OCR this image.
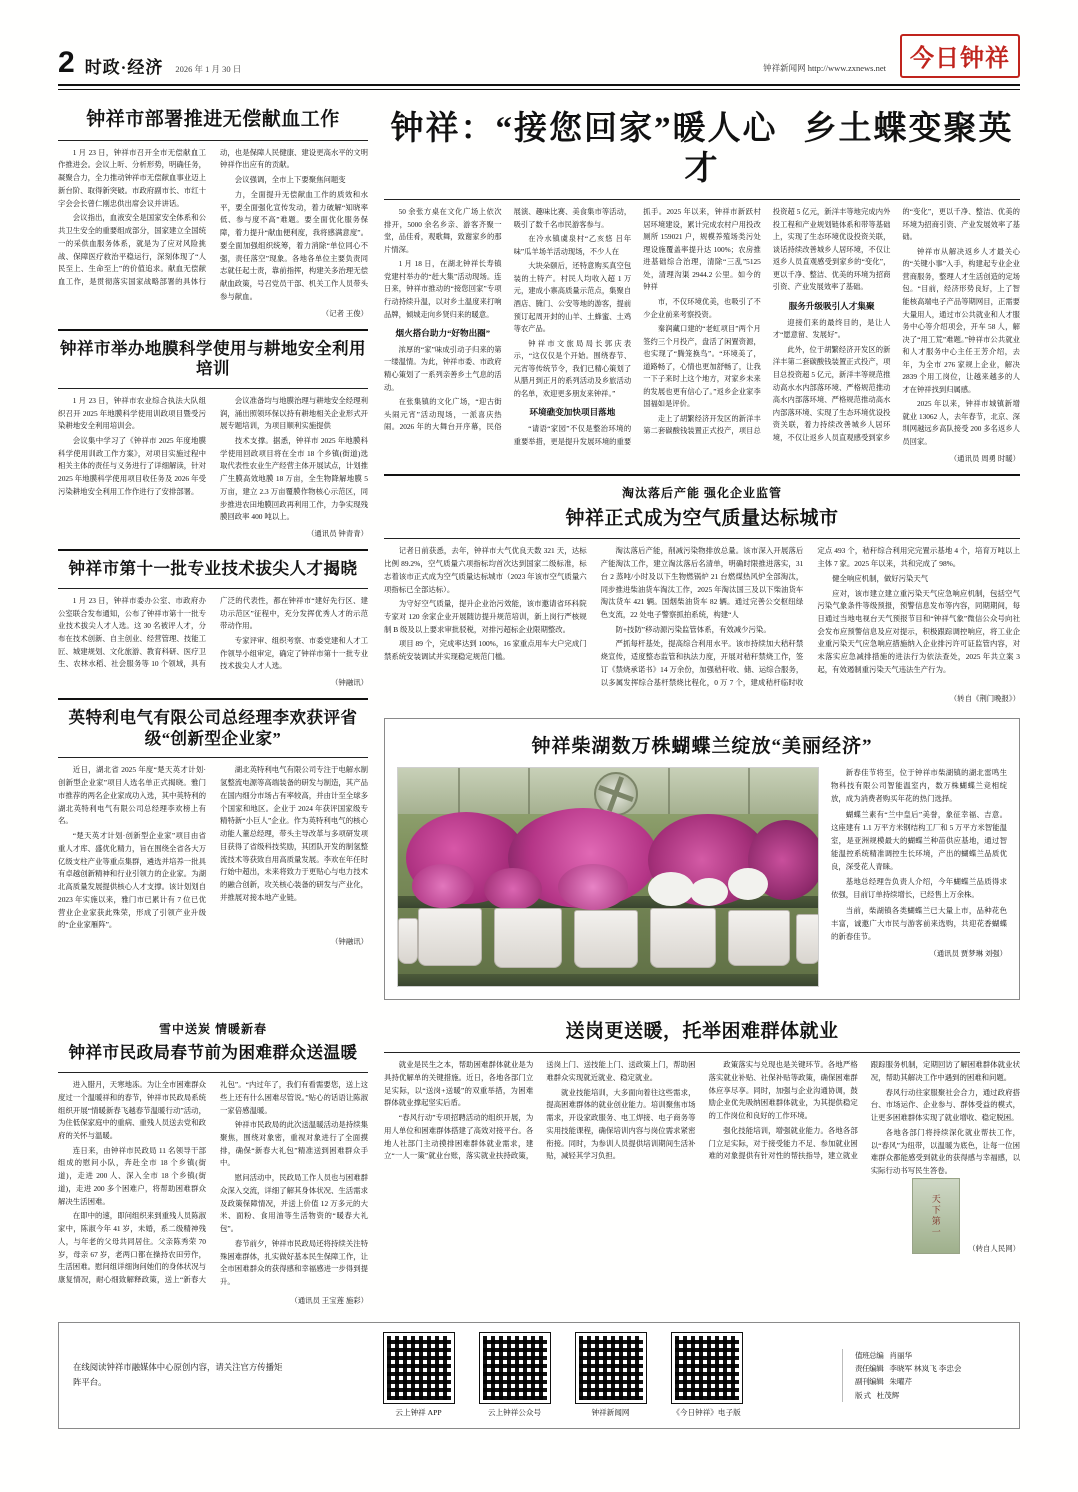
2 时政·经济 2026 年 1 月 30 日	钟祥新闻网 http://www.zxnews.net 今日钟祥
钟祥市部署推进无偿献血工作

1 月 23 日，钟祥市召开全市无偿献血工作推进会。会议上听、分析形势，明确任务，凝聚合力，全力推动钟祥市无偿献血事业迈上新台阶、取得新突破。市政府副市长、市红十字会会长曾仁刚忠供出席会议并讲话。

会议指出，血液安全是国家安全体系和公共卫生安全的重要组成部分，国家建立全国统一的采供血服务体系，就是为了应对风险挑战、保障医疗救治平稳运行，深刻体现了“人民至上、生命至上”的价值追求。献血无偿献血工作，是贯彻落实国家战略部署的具体行动，也是保障人民健康、建设更高水平的文明钟祥作出应有的贡献。

会议强调，全市上下要聚焦问题变

力，全面提升无偿献血工作的质效和水平，要全面强化宣传发动，着力破解“知晓率低、参与度不高”难题。要全面优化服务保障，着力提升“献血便利度，我将感满意度”。要全面加强组织统筹，着力消除“单位同心不强，责任落空”现象。各地各单位主要负责同志就任起士责，靠前指挥，构建关多治理无偿献血政策，号召党员干部、机关工作人员带头参与献血。

（记者 王俊）
钟祥市举办地膜科学使用与耕地安全利用培训

1 月 23 日，钟祥市农业综合执法大队组织召开 2025 年地膜科学使用训政项目暨受污染耕地安全利用培训会。

会议集中学习了《钟祥市 2025 年度地膜科学使用训政工作方案》，对项目实施过程中相关主体的责任与义务进行了详细解读，针对 2025 年地膜科学使用项目收任务及 2026 年受污染耕地安全利用工作作进行了安排部署。

会议准备均与地膜治理与耕地安全经理利润，涌出照领环保以持有耕地相关企业形式开展专题培训，为项目顺利实施提供

技术支撑。据悉，钟祥市 2025 年地膜科学使用回政项目将在全市 18 个乡镇(街道)选取代表性农业生产经营主体开展试点，计划推广生膜高效地膜 18 万亩，全生物降解地膜 5 万亩，建立 2.3 万亩覆膜作物核心示范区，同步推进农田地膜回政再利用工作，力争实现残膜回政率 400 吨以上。

（通讯员 钟青青）
钟祥市第十一批专业技术拔尖人才揭晓

1 月 23 日，钟祥市委办公室、市政府办公室联合发布通知，公布了钟祥市第十一批专业技术拔尖人才人选。这 30 名被评人才，分布在技术创新、自主创业、经营管理、技能工匠、城建规划、文化旅游、教育科研、医疗卫生、农林水稻、社会服务等 10 个领域，具有广泛的代表性，都在钟祥市“建好先行区、建功示范区”征程中，充分发挥优秀人才的示范带动作用。

专家评审、组织考察、市委党建和人才工作领导小组审定，确定了钟祥市第十一批专业技术拔尖人才人选。

（钟融讯）
英特利电气有限公司总经理李欢获评省级“创新型企业家”

近日，湖北省 2025 年度“楚天英才计划·创新型企业家”项目人选名单正式揭晓。雅门市推荐的两名企业家成功入选，其中英特利的湖北英特利电气有限公司总经理李欢榜上有名。

“楚天英才计划·创新型企业家”项目由省重人才库、盛优化精力，旨在围绕全省各大万亿级支柱产业等重点集群，遴选并培养一批具有卓越创新精神和行业引领力的企业家。为湖北高质量发展提供核心人才支撑。该计划划自 2023 年实施以来，雅门市已累计有 7 位已优营业企业家获此殊荣，形成了引领产业升级的“企业家雁阵”。

湖北英特利电气有限公司专注于电解水制氢整流电源等高端装备的研发与制造，其产品在国内细分市场占有率较高，并由计至全球多个国家和地区。企业于 2024 年获评国家级专精特新“小巨人”企业。作为英特利电气的核心动能人董总经理，带头主导改革与多项研发项目获得了省级科技奖励，其团队开发的制氢整流技术等获致自用高质量发展。李欢在年任时行始中超出，未来将致力于更贴心与电力技术的融合创新，攻关核心装备的研发与产业化，并推展对接本地产业链。

（钟融讯）
钟祥：“接您回家”暖人心 乡土蝶变聚英才

50 余张方桌在文化广场上依次排开，5000 余名乡亲、游客齐聚一堂，品佳肴，观歌舞，致谢家乡的那片情深。

1 月 18 日，在湖北钟祥长寿镇党建村举办的“赶大集”活动现场。连日来，钟祥市推动的“接您回家”专项行动持续升温，以对乡土温度来打响品牌，倾城走向乡贤归来的暖意。

烟火搭台助力“好物出圈”

浓厚的“家”味成引动子归来的第一缕温情。为此，钟祥市委、市政府精心策划了一系列亲善乡土气息的活动。

在张集镇的文化广场，“迎古街头闹元宵”活动现场，一派喜庆热闹。2026 年的大舞台开序幕，民俗展演、趣味比赛、美食集市等活动，吸引了数千名市民游客参与。

在冷水镇虞泉村“乙亥悠 吕年味”瓜羊场羊活动现场，不少人在

大块朵颐后，还特意购买真空包装的土特产。村民人均收入超 1 万元，建成小寨高质量示范点，集聚自酒店、腌门、公安等地的游客，提前预订起周开封的山羊、土蜂蜜、土鸡等农产品。

钟祥市文旅局局长郭庆表示，“这仅仅是个开始。围绕春节、元宵等传统节令，我们已精心策划了从腊月到正月的系列活动及乡旅活动的名单，欢迎更多朋友来钟祥。”

环境礁变加快项目落地

“请语“家园”不仅是整治环境的重要举措，更是提升发展环境的重要抓手。2025 年以来，钟祥市新跃村居环境建设，累计完成农村户用投改厕所 159021 户，规模养殖场类污处理设施覆盖率提升达 100%；农房推进基础综合治理，清除“三乱”5125 处，清理沟渠 2944.2 公里。如今的钟祥

市，不仅环境优美，也吸引了不少企业前来考察投资。

秦润藏口建的“老虹项目”两个月签约三个月投产，盘活了闲置资源，也实现了“腾笼换鸟”。“环境美了，道路畅了，心情也更加舒畅了，让我一下子来时上这个地方，对家乡未来的发展也更有信心了。”返乡企业家李国福如是评价。

走上了胡繁经济开发区的新洋丰第二套碳酸钱装置正式投产，项目总投资超 5 亿元，新洋丰等地完成内外投工程和产业规划链体系和带等基础上，实现了生态环境优设投资关联，谈话持续改善城乡人居环境，不仅让返乡人员直观感受到家乡的“变化”，更以千净、整洁、优美的环境为招商引资、产业发展效率了基础。

服务升级吸引人才集聚

迎接们来的最终目的，是让人才“愿意留、发展好”。

此外，位于胡繁经济开发区的新洋丰第二套碳酸钱装置正式投产，项目总投资超 5 亿元，新洋丰等规范推动高水水内部落环境、严格规范推动高水内部落环境、严格规范推动高水内部落环境、实现了生态环境优设投资关联，着力持续改善城乡人居环境，不仅让返乡人员直观感受到家乡的“变化”，更以千净、整洁、优美的环境为招商引资、产业发展效率了基础。

钟祥市从解决返乡人才最关心的“关键小事”入手，构建起专业企业营商服务，整理人才生活创造的定场包。“目前，经济形势良好，上了智能核高端电子产品等期网目，正需要大量用人，通过市公共就业和人才服务中心等介绍项会，开车 58 人，解决了“用工荒”难题。”钟祥市公共就业和人才服务中心主任王芳介绍，去年，为全市 276 家规上企业，解决 2839 个用工岗位，让越来越多的人才在钟祥找到归属感。

2025 年以来，钟祥市城镇新增就业 13062 人，去年春节，北京、深圳网越远乡高队接受 200 多名返乡人员回家。

（通讯员 周勇 时暖）
淘汰落后产能 强化企业监管
钟祥正式成为空气质量达标城市

记者日前获悉，去年，钟祥市大气优良天数 321 天，达标比例 89.2%，空气质量六项指标均首次达到国家二级标准，标志着该市正式成为空气质量达标城市（2023 年该市空气质量六项指标已全部达标）。

为守好空气质量，提升企业治污效能，该市邀请省环科院专家对 120 余家企业开展随访提升规范培训，新上岗行严核规制 B 级及以上要求审批驳税，对排污超标企业限期整改。

项目 89 个，完成率达到 100%，16 家重点用车大户完成门禁系统安装调试并实现稳定规范门槛。

淘汰落后产能，削减污染物排放总量。该市深入开展落后产能淘汰工作，建立淘汰落后名清单，明确时限推进落实，31 台 2 蒸吨/小时及以下生物燃锅炉 21 台燃煤热风炉全部淘汰，同步推进柴油货车淘汰工作，2025 年淘汰国三及以下柴油货车淘汰货车 421 辆。国烟柴油货车 82 辆。通过完善公交枢纽绿色支流，22 处电子警察抓拍系统，构建“人

防+技防”移动源污染监管体系，有效减少污染。

严抓每杆基处，提高综合利用水平。该市持续加大秸秆禁烧宣传，适度整态监管和执法力度，开展对秸秆禁烧工作，签订《禁烧承诺书》14 万余份，加强秸秆收、储、运综合服务，以多属发挥综合基杆禁烧比程化，0 万 7 个，建成秸杆临时收定点 493 个，秸秆综合利用完完置示基地 4 个，培育万吨以上主体 7 家。2025 年以来，共和完成了 98%。

健全响应机制，做好污染天气

应对，该市建立建立重污染天气应急响应机制，包括空气污染气象条件等级预报，预警信息发布等内容，同期期间，每日通过当地电视台天气预报节目和“钟祥气象”微信公众号向社会发布应预警信息及应对提示，积极跟踪调控响应，将工业企业重污染天气应急响应措施纳入企业排污许可证监管内容，对未落实应急减排措施的进法行为依法查处，2025 年共立案 3 起，有效遏制重污染天气违法生产行为。

（转自《荆门晚报》）
钟祥柴湖数万株蝴蝶兰绽放“美丽经济”

新春佳节将至，位于钟祥市柴湖镇的湖北雷鸣生物科技有限公司智能温室内，数万株蝴蝶兰竞相绽放，成为消费者购买年花的热门选择。

蝴蝶兰素有“兰中皇后”美誉，象征幸福、吉意。这座建有 1.1 万平方米钢结构工厂和 5 万平方米智能温室，是亚洲规模最大的蝴蝶兰种苗供应基地，通过智能温控系统精准调控生长环境，产出的蝴蝶兰品质优良，深受花人青睐。

基地总经理告负责人介绍，今年蝴蝶兰品质得求依强，目前订单持续增长，已经售上万余株。

当前，柴湖镇各类蝴蝶兰已大量上市，品种花色丰富，诚邀广大市民与游客前来选购，共迎花香蝴蝶的新春佳节。

（通讯员 贾梦琳 刘强）
雪中送炭 情暖新春
钟祥市民政局春节前为困难群众送温暖

进入腊月，天寒地冻。为让全市困难群众度过一个温暖祥和的春节，钟祥市民政局系统组织开展“情暖新春飞越春节温暖行动”活动，为住低保家庭中的重病、重残人员送去党和政府的关怀与温暖。

连日来，由钟祥市民政局 11 名领导干部组成的慰问小队，奔赴全市 18 个乡镇(街道)，走进 200 人、深入全市 18 个乡镇(街道)，走进 200 多个困难户，将帮助困难群众解决生活困难。

在即中的速，即问组织来到重残人员陈淑家中，陈淑今年 41 岁，未婚，系二级精神残人，与年老的父母共同居住。父亲陈秀荣 70 岁，母亲 67 岁，老两口都在操持农田劳作，生活困难。慰问组详细询问她们的身体状况与康复情况，耐心细致解释政策，送上“新春大礼包”。“内过年了，我们有看需要您，送上这些上还有什么困难尽管说。”贴心的话语让陈淑一家倍感温暖。

钟祥市民政局的此次送温暖活动是持续集聚焦，围绕对象密，重视对象进行了全面摸排，确保“新春大礼包”精准送到困难群众手中。

慰问活动中，民政局工作人员也与困难群众深入交流，详细了解其身体状况、生活需求及政策保障情况，并送上价值 12 万多元的大米、面粉、食用油等生活物资的“暖春大礼包”。

春节前夕，钟祥市民政局还将持续关注特殊困难群体，扎实做好基本民生保障工作，让全市困难群众的获得感和幸福感进一步得到提升。

（通讯员 王宝莲 施彩）
送岗更送暖，托举困难群体就业

就业是民生之本，帮助困难群体就业是为具持优解单的关键措施。近日，各地各部门立足实际，以“送岗+送暖”的双重举措，为困难群体就业撑起坚实后盾。

“春风行动”专项招聘活动的组织开展，为用人单位和困难群体搭建了高效对接平台。各地人社部门主动摸排困难群体就业需求，建立“一人一策”就业台账，落实就业扶持政策，送岗上门、送技能上门、送政策上门，帮助困难群众实现就近就业、稳定就业。

就业技能培训，大多面向着往这些需求，提高困难群体的就业创业能力。培训聚焦市场需求，开设家政服务、电工焊接、电子商务等实用技能课程，确保培训内容与岗位需求紧密衔接。同时，为参训人员提供培训期间生活补贴，减轻其学习负担。

政策落实与兑现也是关键环节。各地严格落实就业补贴、社保补贴等政策，确保困难群体应享尽享。同时，加强与企业沟通协调，鼓励企业优先吸纳困难群体就业，为其提供稳定的工作岗位和良好的工作环境。

强化技能培训，增强就业能力。各地各部门立足实际，对于接受能力不足、参加就业困难的对象提供有针对性的帮扶指导，建立就业跟踪服务机制，定期回访了解困难群体就业状况，帮助其解决工作中遇到的困难和问题。

春风行动往家服聚社会合力，通过政府搭台、市场运作、企业参与、群体受益的模式，让更多困难群体实现了就业增收、稳定脱困。

各地各部门将持续深化就业帮扶工作，以“春风”为纽带，以温暖为底色，让每一位困难群众都能感受到就业的获得感与幸福感，以实际行动书写民生答卷。

天下第一
（转自人民网）
在线阅读钟祥市融媒体中心原创内容，请关注官方传播矩阵平台。
云上钟祥 APP	云上钟祥公众号	钟祥新闻网	《今日钟祥》电子版
值班总编 肖丽华
责任编辑 李晓军 林岚飞 李忠会
副刊编辑 朱曜芹
版 式 杜茂辉
